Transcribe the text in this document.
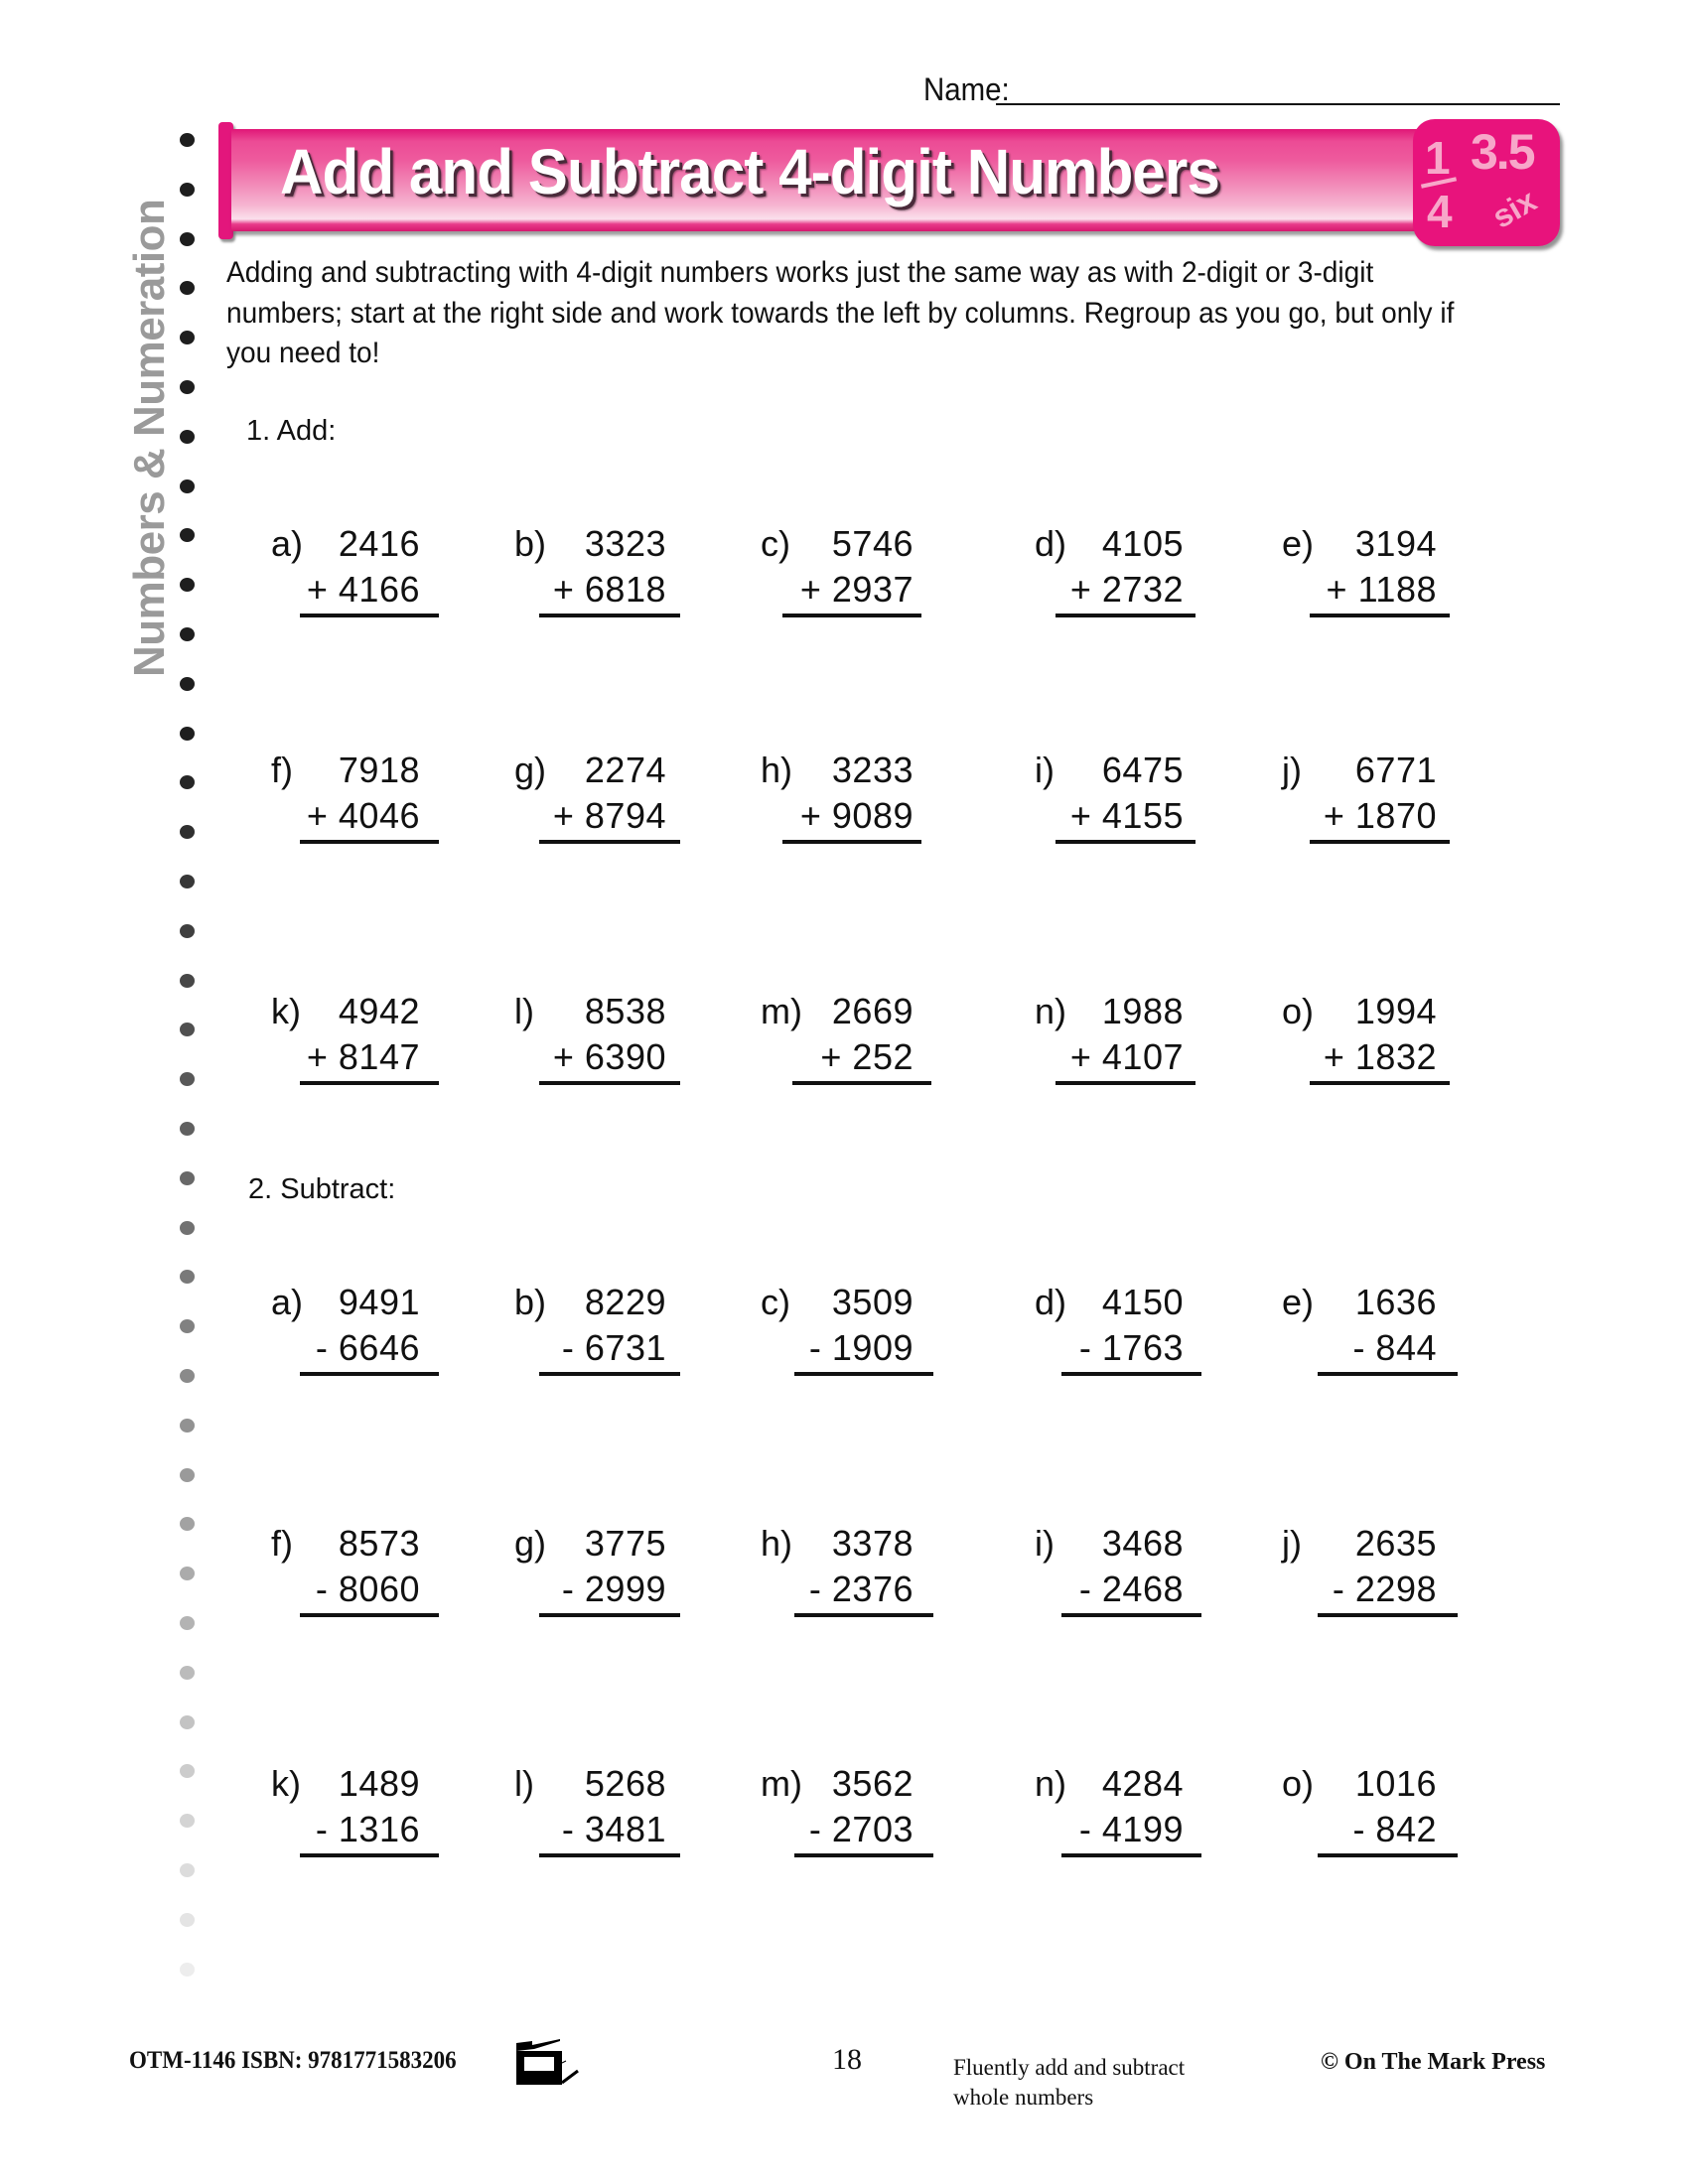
Name:
Numbers & Numeration
Add and Subtract 4-digit Numbers	1
4
3.5
six
Adding and subtracting with 4-digit numbers works just the same way as with 2-digit or 3-digit numbers; start at the right side and work towards the left by columns. Regroup as you go, but only if you need to!
1. Add:
2. Subtract:
a) 2416
+ 4166
b) 3323
+ 6818
c) 5746
+ 2937
d) 4105
+ 2732
e) 3194
+ 1188
f) 7918
+ 4046
g) 2274
+ 8794
h) 3233
+ 9089
i) 6475
+ 4155
j) 6771
+ 1870
k) 4942
+ 8147
l) 8538
+ 6390
m) 2669
+ 252
n) 1988
+ 4107
o) 1994
+ 1832
a) 9491
- 6646
b) 8229
- 6731
c) 3509
- 1909
d) 4150
- 1763
e) 1636
- 844
f) 8573
- 8060
g) 3775
- 2999
h) 3378
- 2376
i) 3468
- 2468
j) 2635
- 2298
k) 1489
- 1316
l) 5268
- 3481
m) 3562
- 2703
n) 4284
- 4199
o) 1016
- 842
OTM-1146 ISBN: 9781771583206	18	Fluently add and subtract
whole numbers
© On The Mark Press
